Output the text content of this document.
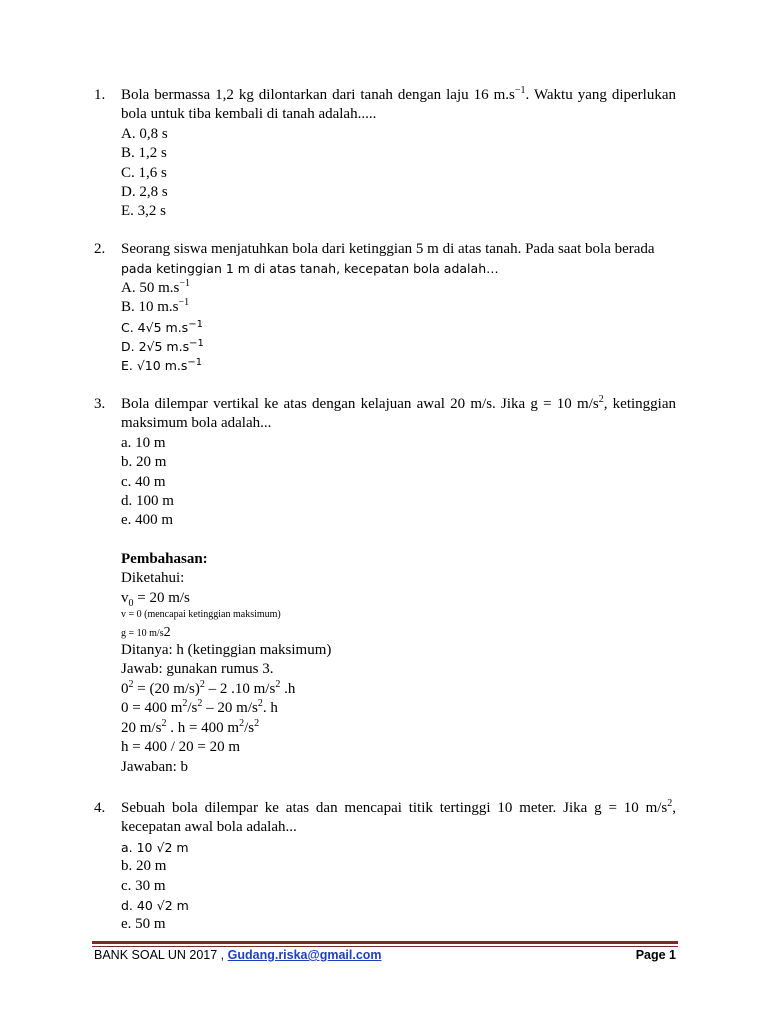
1. Bola bermassa 1,2 kg dilontarkan dari tanah dengan laju 16 $m.s^{-1}$. Waktu yang diperlukan bola untuk tiba kembali di tanah adalah.....
A. 0,8 s
B. 1,2 s
C. 1,6 s
D. 2,8 s
E. 3,2 s
2. Seorang siswa menjatuhkan bola dari ketinggian 5 m di atas tanah. Pada saat bola berada
pada ketinggian 1 m di atas tanah, kecepatan bola adalah…
A. 50 $m.s^{-1}$
B. 10 $m.s^{-1}$
C. 4√5 $m.s^{-1}$
D. 2√5 $m.s^{-1}$
E. √10 $m.s^{-1}$
3. Bola dilempar vertikal ke atas dengan kelajuan awal 20 m/s. Jika g = 10 $m/s^2$, ketinggian maksimum bola adalah...
a. 10 m
b. 20 m
c. 40 m
d. 100 m
e. 400 m
Pembahasan:
Diketahui:
$v_0 = 20$ m/s
v = 0 (mencapai ketinggian maksimum)
g = 10 m/s2
Ditanya: h (ketinggian maksimum)
Jawab: gunakan rumus 3.
$0^2 = (20$ m/s)$^2$ – 2 .10 $m/s^2$ .h
0 = 400 $m^2/s^2 - 20$ $m/s^2$. h
20 $m/s^2$ . h = 400 $m^2/s^2$
h = 400 / 20 = 20 m
Jawaban: b
4. Sebuah bola dilempar ke atas dan mencapai titik tertinggi 10 meter. Jika g = 10 $m/s^2$, kecepatan awal bola adalah...
a. 10 √2 m
b. 20 m
c. 30 m
d. 40 √2 m
e. 50 m
BANK SOAL UN 2017 , Gudang.riska@gmail.com	Page 1
